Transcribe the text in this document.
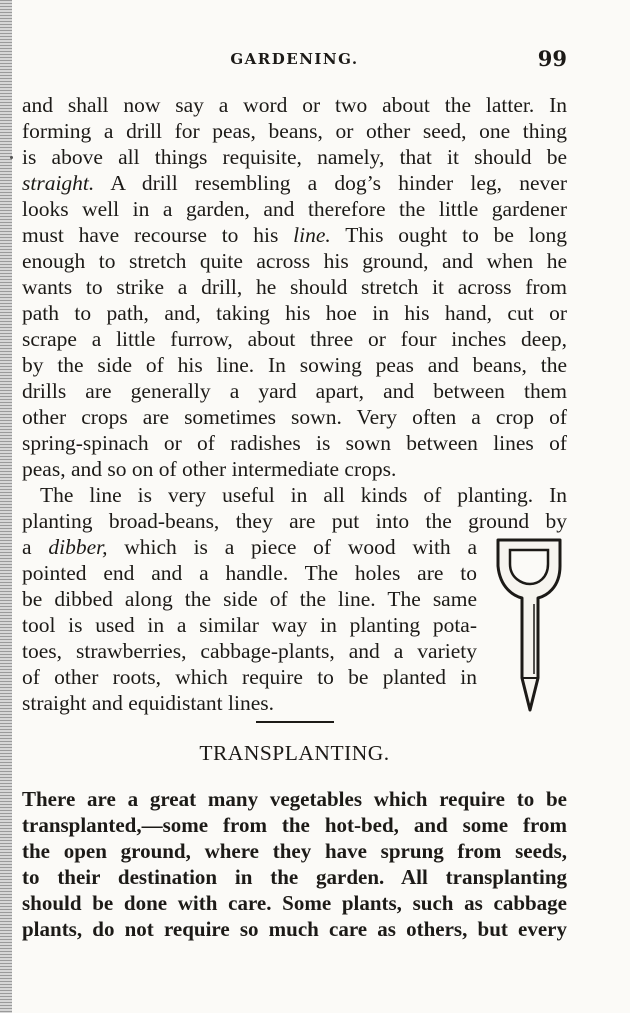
GARDENING.	99
and shall now say a word or two about the latter. In
forming a drill for peas, beans, or other seed, one thing
is above all things requisite, namely, that it should be
straight. A drill resembling a dog’s hinder leg, never
looks well in a garden, and therefore the little gardener
must have recourse to his line. This ought to be long
enough to stretch quite across his ground, and when he
wants to strike a drill, he should stretch it across from
path to path, and, taking his hoe in his hand, cut or
scrape a little furrow, about three or four inches deep,
by the side of his line. In sowing peas and beans, the
drills are generally a yard apart, and between them
other crops are sometimes sown. Very often a crop of
spring-spinach or of radishes is sown between lines of
peas, and so on of other intermediate crops.
The line is very useful in all kinds of planting. In
planting broad-beans, they are put into the ground by
a dibber, which is a piece of wood with a
pointed end and a handle. The holes are to
be dibbed along the side of the line. The same
tool is used in a similar way in planting pota-
toes, strawberries, cabbage-plants, and a variety
of other roots, which require to be planted in
straight and equidistant lines.
TRANSPLANTING.
There are a great many vegetables which require to be
transplanted,—some from the hot-bed, and some from
the open ground, where they have sprung from seeds,
to their destination in the garden. All transplanting
should be done with care. Some plants, such as cabbage
plants, do not require so much care as others, but every
